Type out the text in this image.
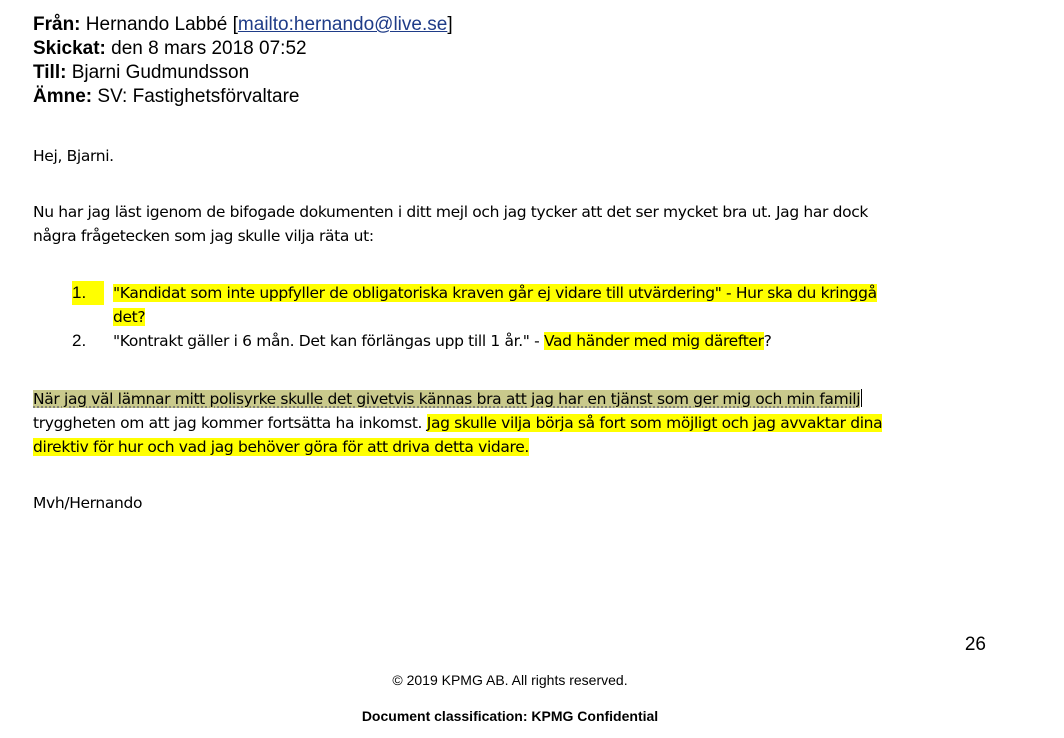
Från: Hernando Labbé [mailto:hernando@live.se]
Skickat: den 8 mars 2018 07:52
Till: Bjarni Gudmundsson
Ämne: SV: Fastighetsförvaltare
Hej, Bjarni.
Nu har jag läst igenom de bifogade dokumenten i ditt mejl och jag tycker att det ser mycket bra ut. Jag har dock
några frågetecken som jag skulle vilja räta ut:
1.	"Kandidat som inte uppfyller de obligatoriska kraven går ej vidare till utvärdering" - Hur ska du kringgå
det?
2. "Kontrakt gäller i 6 mån. Det kan förlängas upp till 1 år." - Vad händer med mig därefter?
När jag väl lämnar mitt polisyrke skulle det givetvis kännas bra att jag har en tjänst som ger mig och min familj
tryggheten om att jag kommer fortsätta ha inkomst. Jag skulle vilja börja så fort som möjligt och jag avvaktar dina
direktiv för hur och vad jag behöver göra för att driva detta vidare.
Mvh/Hernando
26
© 2019 KPMG AB. All rights reserved.
Document classification: KPMG Confidential
